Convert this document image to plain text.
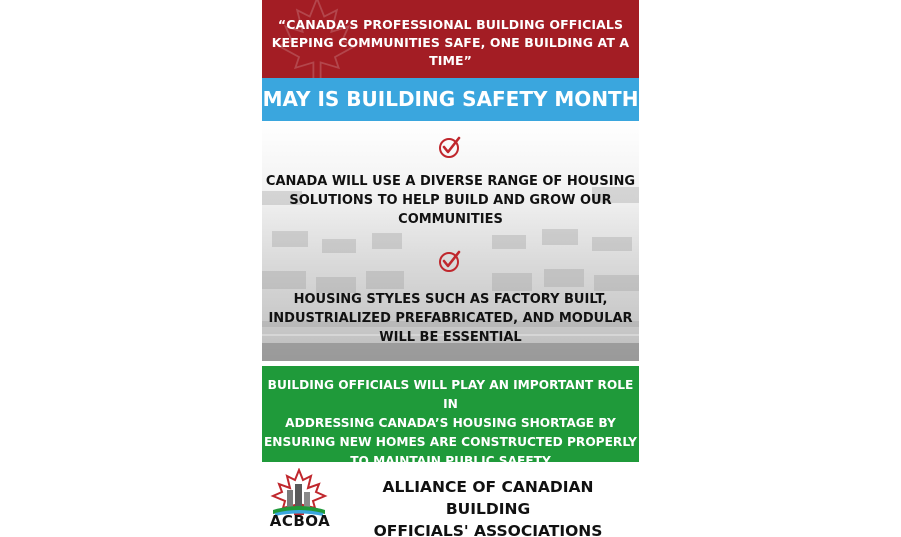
“CANADA’S PROFESSIONAL BUILDING OFFICIALS KEEPING COMMUNITIES SAFE, ONE BUILDING AT A TIME”
MAY IS BUILDING SAFETY MONTH
CANADA WILL USE A DIVERSE RANGE OF HOUSING
SOLUTIONS TO HELP BUILD AND GROW OUR
COMMUNITIES
HOUSING STYLES SUCH AS FACTORY BUILT,
INDUSTRIALIZED PREFABRICATED, AND MODULAR
WILL BE ESSENTIAL
BUILDING OFFICIALS WILL PLAY AN IMPORTANT ROLE IN
ADDRESSING CANADA’S HOUSING SHORTAGE BY
ENSURING NEW HOMES ARE CONSTRUCTED PROPERLY
TO MAINTAIN PUBLIC SAFETY
ACBOA
ALLIANCE OF CANADIAN BUILDING
OFFICIALS' ASSOCIATIONS
